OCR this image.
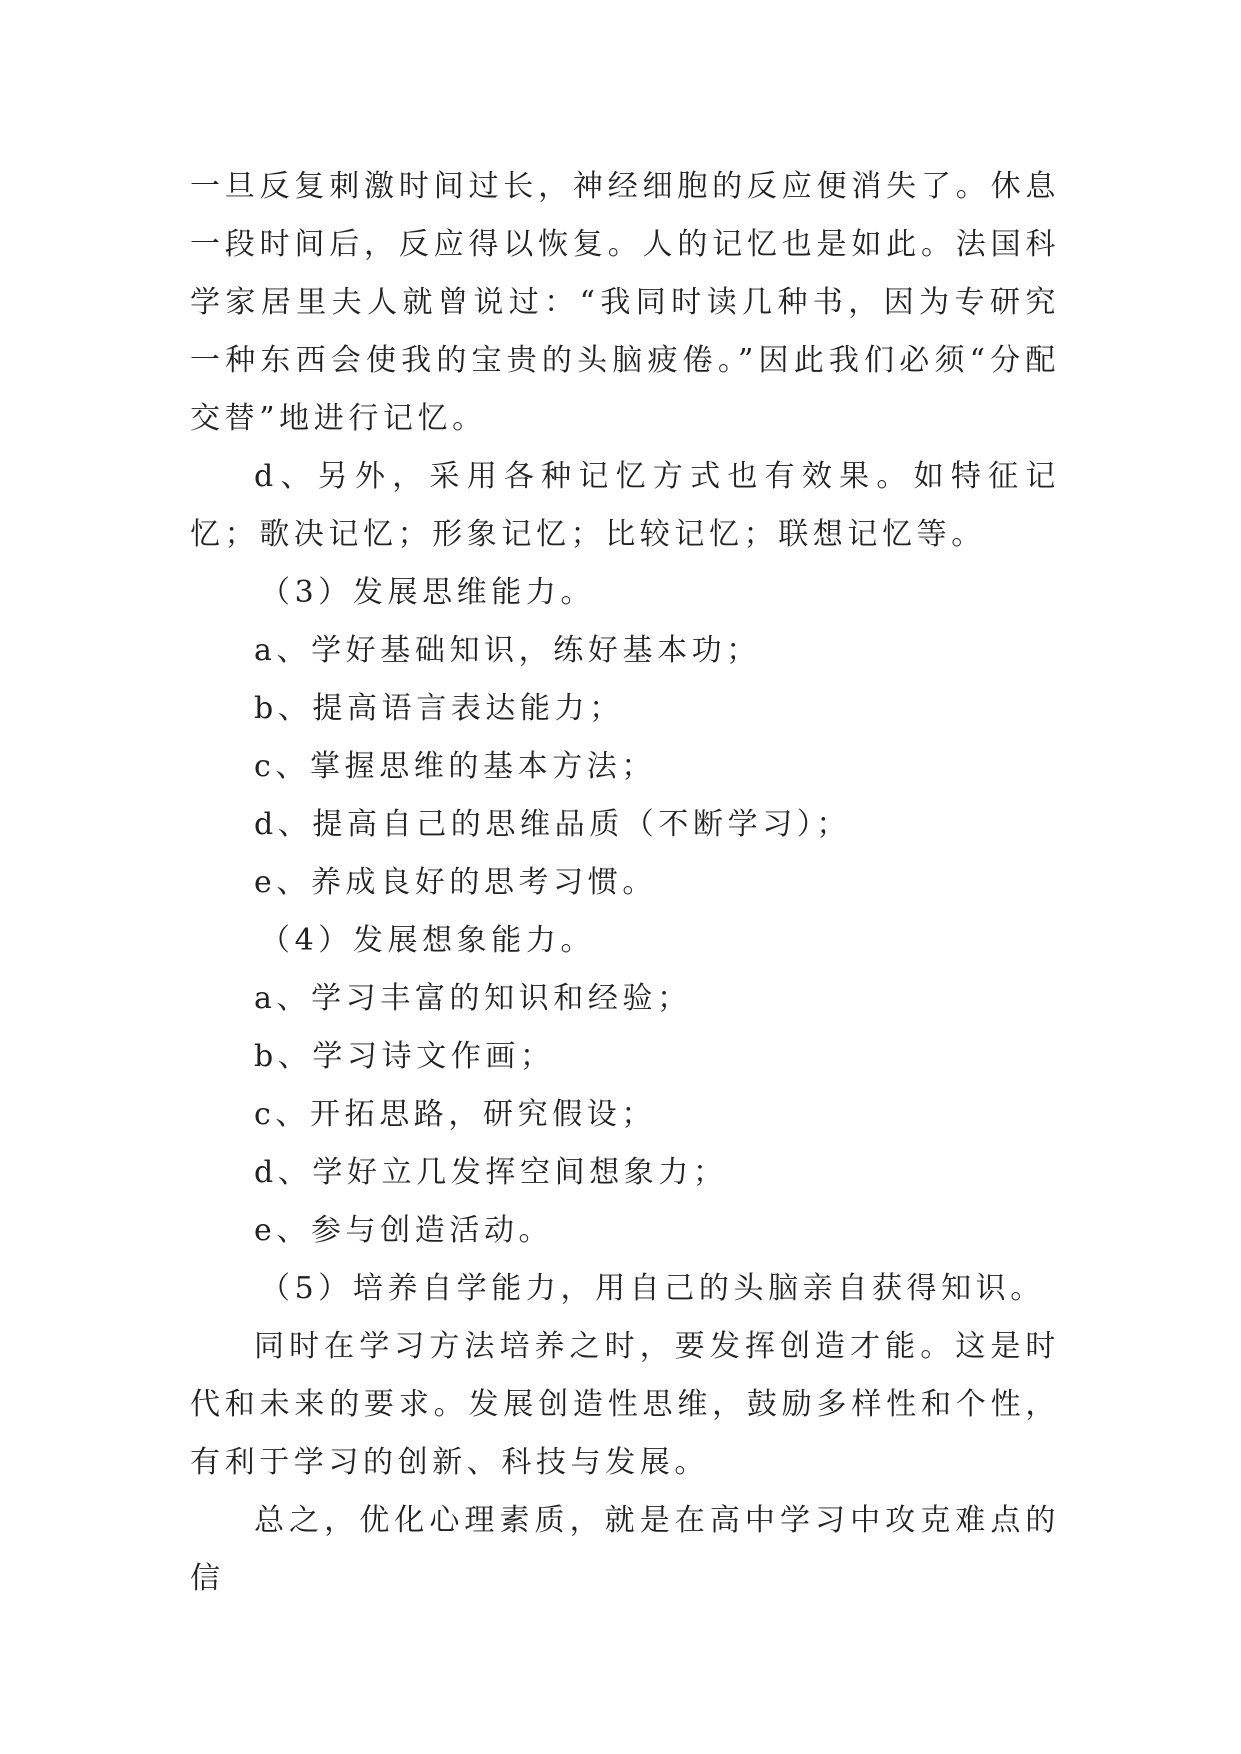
一旦反复刺激时间过长，神经细胞的反应便消失了。休息一段时间后，反应得以恢复。人的记忆也是如此。法国科学家居里夫人就曾说过：“我同时读几种书，因为专研究一种东西会使我的宝贵的头脑疲倦。”因此我们必须“分配交替”地进行记忆。

d、另外，采用各种记忆方式也有效果。如特征记忆；歌决记忆；形象记忆；比较记忆；联想记忆等。

（3）发展思维能力。

a、学好基础知识，练好基本功；

b、提高语言表达能力；

c、掌握思维的基本方法；

d、提高自己的思维品质（不断学习）；

e、养成良好的思考习惯。

（4）发展想象能力。

a、学习丰富的知识和经验；

b、学习诗文作画；

c、开拓思路，研究假设；

d、学好立几发挥空间想象力；

e、参与创造活动。

（5）培养自学能力，用自己的头脑亲自获得知识。

同时在学习方法培养之时，要发挥创造才能。这是时代和未来的要求。发展创造性思维，鼓励多样性和个性，有利于学习的创新、科技与发展。

总之，优化心理素质，就是在高中学习中攻克难点的信
